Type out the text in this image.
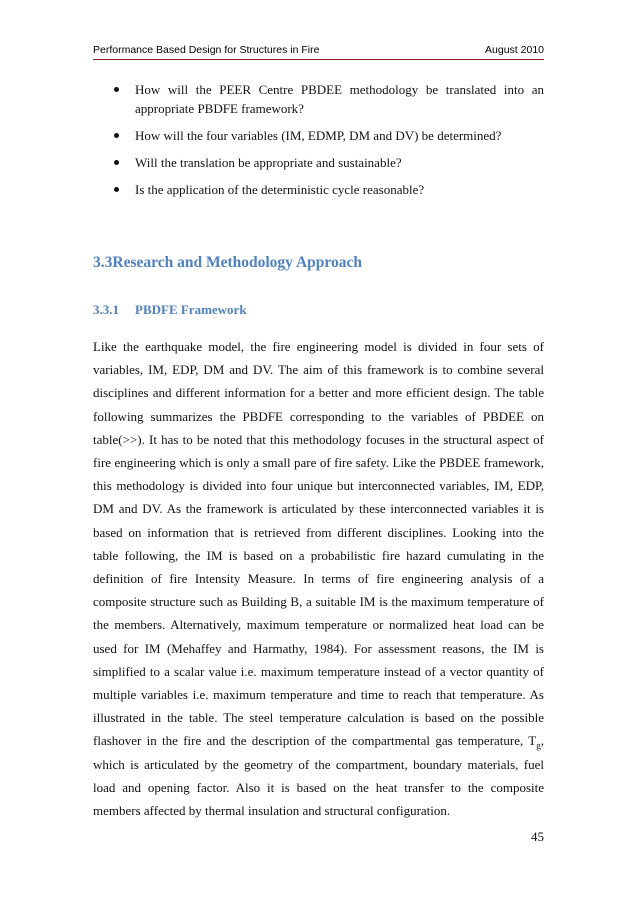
Performance Based Design for Structures in Fire	August 2010
How will the PEER Centre PBDEE methodology be translated into an appropriate PBDFE framework?
How will the four variables (IM, EDMP, DM and DV) be determined?
Will the translation be appropriate and sustainable?
Is the application of the deterministic cycle reasonable?
3.3Research and Methodology Approach
3.3.1 PBDFE Framework

Like the earthquake model, the fire engineering model is divided in four sets of variables, IM, EDP, DM and DV. The aim of this framework is to combine several disciplines and different information for a better and more efficient design. The table following summarizes the PBDFE corresponding to the variables of PBDEE on table(>>). It has to be noted that this methodology focuses in the structural aspect of fire engineering which is only a small pare of fire safety. Like the PBDEE framework, this methodology is divided into four unique but interconnected variables, IM, EDP, DM and DV. As the framework is articulated by these interconnected variables it is based on information that is retrieved from different disciplines. Looking into the table following, the IM is based on a probabilistic fire hazard cumulating in the definition of fire Intensity Measure. In terms of fire engineering analysis of a composite structure such as Building B, a suitable IM is the maximum temperature of the members. Alternatively, maximum temperature or normalized heat load can be used for IM (Mehaffey and Harmathy, 1984). For assessment reasons, the IM is simplified to a scalar value i.e. maximum temperature instead of a vector quantity of multiple variables i.e. maximum temperature and time to reach that temperature. As illustrated in the table. The steel temperature calculation is based on the possible flashover in the fire and the description of the compartmental gas temperature, $T_g$, which is articulated by the geometry of the compartment, boundary materials, fuel load and opening factor. Also it is based on the heat transfer to the composite members affected by thermal insulation and structural configuration.

45
